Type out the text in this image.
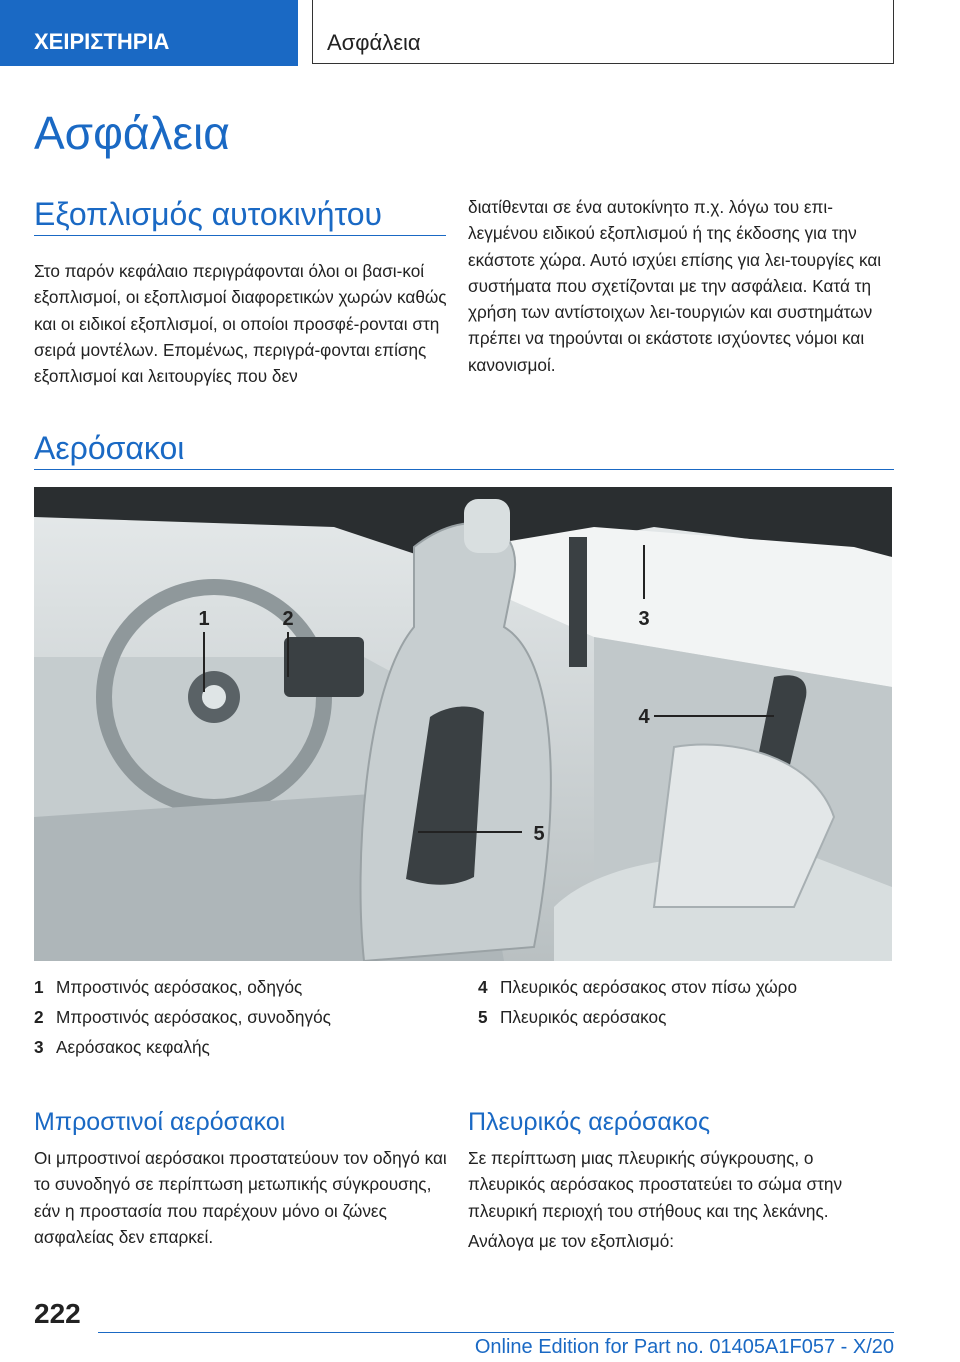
ΧΕΙΡΙΣΤΗΡΙΑ	Ασφάλεια
Ασφάλεια
Εξοπλισμός αυτοκινήτου

Στο παρόν κεφάλαιο περιγράφονται όλοι οι βασι-κοί εξοπλισμοί, οι εξοπλισμοί διαφορετικών χωρών καθώς και οι ειδικοί εξοπλισμοί, οι οποίοι προσφέ-ρονται στη σειρά μοντέλων. Επομένως, περιγρά-φονται επίσης εξοπλισμοί και λειτουργίες που δεν

διατίθενται σε ένα αυτοκίνητο π.χ. λόγω του επι-λεγμένου ειδικού εξοπλισμού ή της έκδοσης για την εκάστοτε χώρα. Αυτό ισχύει επίσης για λει-τουργίες και συστήματα που σχετίζονται με την ασφάλεια. Κατά τη χρήση των αντίστοιχων λει-τουργιών και συστημάτων πρέπει να τηρούνται οι εκάστοτε ισχύοντες νόμοι και κανονισμοί.

Αερόσακοι
1	2	3
4
5
1 Μπροστινός αερόσακος, οδηγός
2 Μπροστινός αερόσακος, συνοδηγός
3 Αερόσακος κεφαλής
4 Πλευρικός αερόσακος στον πίσω χώρο
5 Πλευρικός αερόσακος
Μπροστινοί αερόσακοι

Οι μπροστινοί αερόσακοι προστατεύουν τον οδηγό και το συνοδηγό σε περίπτωση μετωπικής σύγκρουσης, εάν η προστασία που παρέχουν μόνο οι ζώνες ασφαλείας δεν επαρκεί.

Πλευρικός αερόσακος

Σε περίπτωση μιας πλευρικής σύγκρουσης, ο πλευρικός αερόσακος προστατεύει το σώμα στην πλευρική περιοχή του στήθους και της λεκάνης.

Ανάλογα με τον εξοπλισμό:

222
Online Edition for Part no. 01405A1F057 - X/20
